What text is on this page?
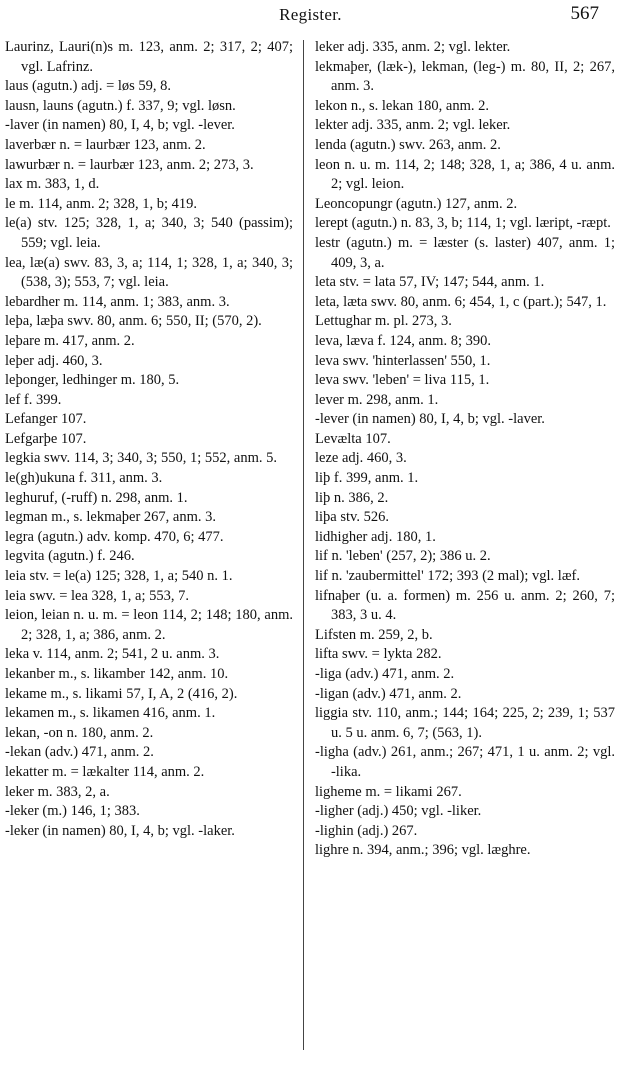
Register.	567
Laurinz, Lauri(n)s m. 123, anm. 2; 317, 2; 407; vgl. Lafrinz.
laus (agutn.) adj. = løs 59, 8.
lausn, launs (agutn.) f. 337, 9; vgl. løsn.
-laver (in namen) 80, I, 4, b; vgl. -lever.
laverbær n. = laurbær 123, anm. 2.
lawurbær n. = laurbær 123, anm. 2; 273, 3.
lax m. 383, 1, d.
le m. 114, anm. 2; 328, 1, b; 419.
le(a) stv. 125; 328, 1, a; 340, 3; 540 (passim); 559; vgl. leia.
lea, læ(a) swv. 83, 3, a; 114, 1; 328, 1, a; 340, 3; (538, 3); 553, 7; vgl. leia.
lebardher m. 114, anm. 1; 383, anm. 3.
leþa, læþa swv. 80, anm. 6; 550, II; (570, 2).
leþare m. 417, anm. 2.
leþer adj. 460, 3.
leþonger, ledhinger m. 180, 5.
lef f. 399.
Lefanger 107.
Lefgarþe 107.
legkia swv. 114, 3; 340, 3; 550, 1; 552, anm. 5.
le(gh)ukuna f. 311, anm. 3.
leghuruf, (-ruff) n. 298, anm. 1.
legman m., s. lekmaþer 267, anm. 3.
legra (agutn.) adv. komp. 470, 6; 477.
legvita (agutn.) f. 246.
leia stv. = le(a) 125; 328, 1, a; 540 n. 1.
leia swv. = lea 328, 1, a; 553, 7.
leion, leian n. u. m. = leon 114, 2; 148; 180, anm. 2; 328, 1, a; 386, anm. 2.
leka v. 114, anm. 2; 541, 2 u. anm. 3.
lekanber m., s. likamber 142, anm. 10.
lekame m., s. likami 57, I, A, 2 (416, 2).
lekamen m., s. likamen 416, anm. 1.
lekan, -on n. 180, anm. 2.
-lekan (adv.) 471, anm. 2.
lekatter m. = lækalter 114, anm. 2.
leker m. 383, 2, a.
-leker (m.) 146, 1; 383.
-leker (in namen) 80, I, 4, b; vgl. -laker.
leker adj. 335, anm. 2; vgl. lekter.
lekmaþer, (læk-), lekman, (leg-) m. 80, II, 2; 267, anm. 3.
lekon n., s. lekan 180, anm. 2.
lekter adj. 335, anm. 2; vgl. leker.
lenda (agutn.) swv. 263, anm. 2.
leon n. u. m. 114, 2; 148; 328, 1, a; 386, 4 u. anm. 2; vgl. leion.
Leoncopungr (agutn.) 127, anm. 2.
lerept (agutn.) n. 83, 3, b; 114, 1; vgl. læript, -ræpt.
lestr (agutn.) m. = læster (s. laster) 407, anm. 1; 409, 3, a.
leta stv. = lata 57, IV; 147; 544, anm. 1.
leta, læta swv. 80, anm. 6; 454, 1, c (part.); 547, 1.
Lettughar m. pl. 273, 3.
leva, læva f. 124, anm. 8; 390.
leva swv. 'hinterlassen' 550, 1.
leva swv. 'leben' = liva 115, 1.
lever m. 298, anm. 1.
-lever (in namen) 80, I, 4, b; vgl. -laver.
Levælta 107.
leze adj. 460, 3.
liþ f. 399, anm. 1.
liþ n. 386, 2.
liþa stv. 526.
lidhigher adj. 180, 1.
lif n. 'leben' (257, 2); 386 u. 2.
lif n. 'zaubermittel' 172; 393 (2 mal); vgl. læf.
lifnaþer (u. a. formen) m. 256 u. anm. 2; 260, 7; 383, 3 u. 4.
Lifsten m. 259, 2, b.
lifta swv. = lykta 282.
-liga (adv.) 471, anm. 2.
-ligan (adv.) 471, anm. 2.
liggia stv. 110, anm.; 144; 164; 225, 2; 239, 1; 537 u. 5 u. anm. 6, 7; (563, 1).
-ligha (adv.) 261, anm.; 267; 471, 1 u. anm. 2; vgl. -lika.
ligheme m. = likami 267.
-ligher (adj.) 450; vgl. -liker.
-lighin (adj.) 267.
lighre n. 394, anm.; 396; vgl. læghre.
